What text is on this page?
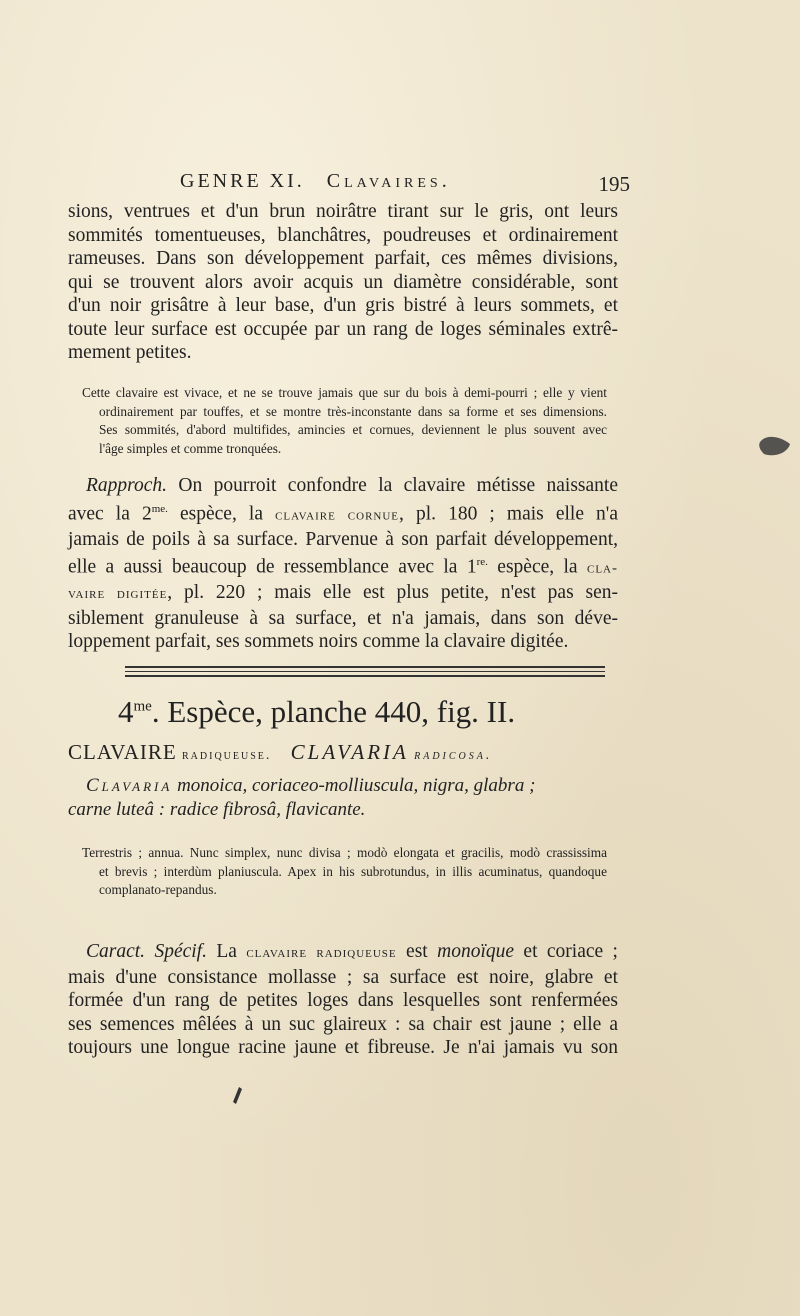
GENRE XI. Clavaires.	195
sions, ventrues et d'un brun noirâtre tirant sur le gris, ont leurs
sommités tomentueuses, blanchâtres, poudreuses et ordinairement
rameuses. Dans son développement parfait, ces mêmes divisions,
qui se trouvent alors avoir acquis un diamètre considérable, sont
d'un noir grisâtre à leur base, d'un gris bistré à leurs sommets, et
toute leur surface est occupée par un rang de loges séminales extrê-
mement petites.
Cette clavaire est vivace, et ne se trouve jamais que sur du bois à demi-pourri ; elle y vient
ordinairement par touffes, et se montre très-inconstante dans sa forme et ses dimensions.
Ses sommités, d'abord multifides, amincies et cornues, deviennent le plus souvent avec
l'âge simples et comme tronquées.
Rapproch. On pourroit confondre la clavaire métisse naissante
avec la $2^{me.}$ espèce, la clavaire cornue, pl. 180 ; mais elle n'a
jamais de poils à sa surface. Parvenue à son parfait développement,
elle a aussi beaucoup de ressemblance avec la $1^{re.}$ espèce, la cla-
vaire digitée, pl. 220 ; mais elle est plus petite, n'est pas sen-
siblement granuleuse à sa surface, et n'a jamais, dans son déve-
loppement parfait, ses sommets noirs comme la clavaire digitée.
$4^{me}$. Espèce, planche 440, fig. II.
CLAVAIRE radiqueuse. CLAVARIA radicosa.
Clavaria monoica, coriaceo-molliuscula, nigra, glabra ;
carne luteâ : radice fibrosâ, flavicante.
Terrestris ; annua. Nunc simplex, nunc divisa ; modò elongata et gracilis, modò crassissima
et brevis ; interdùm planiuscula. Apex in his subrotundus, in illis acuminatus, quandoque
complanato-repandus.
Caract. Spécif. La clavaire radiqueuse est monoïque et coriace ;
mais d'une consistance mollasse ; sa surface est noire, glabre et
formée d'un rang de petites loges dans lesquelles sont renfermées
ses semences mêlées à un suc glaireux : sa chair est jaune ; elle a
toujours une longue racine jaune et fibreuse. Je n'ai jamais vu son
